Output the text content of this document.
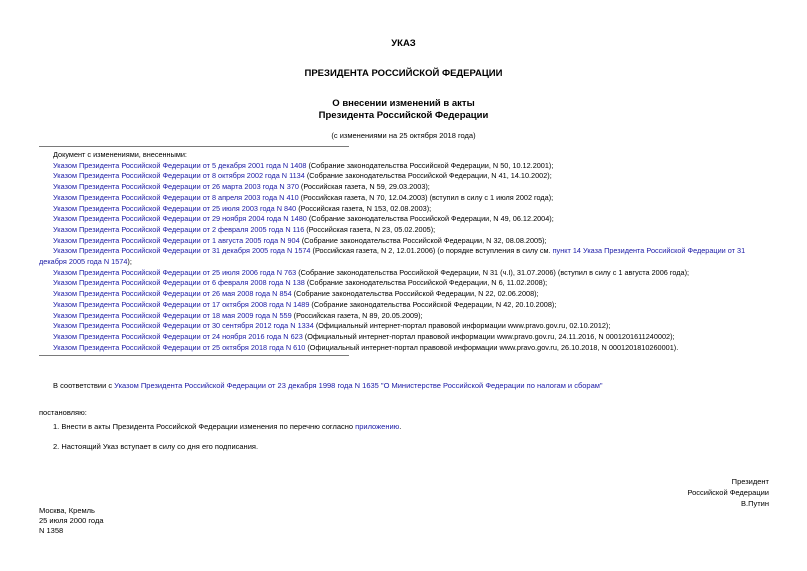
УКАЗ
ПРЕЗИДЕНТА РОССИЙСКОЙ ФЕДЕРАЦИИ
О внесении изменений в акты
Президента Российской Федерации
(с изменениями на 25 октября 2018 года)
Документ с изменениями, внесенными:
Указом Президента Российской Федерации от 5 декабря 2001 года N 1408 (Собрание законодательства Российской Федерации, N 50, 10.12.2001);
Указом Президента Российской Федерации от 8 октября 2002 года N 1134 (Собрание законодательства Российской Федерации, N 41, 14.10.2002);
Указом Президента Российской Федерации от 26 марта 2003 года N 370 (Российская газета, N 59, 29.03.2003);
Указом Президента Российской Федерации от 8 апреля 2003 года N 410 (Российская газета, N 70, 12.04.2003) (вступил в силу с 1 июля 2002 года);
Указом Президента Российской Федерации от 25 июля 2003 года N 840 (Российская газета, N 153, 02.08.2003);
Указом Президента Российской Федерации от 29 ноября 2004 года N 1480 (Собрание законодательства Российской Федерации, N 49, 06.12.2004);
Указом Президента Российской Федерации от 2 февраля 2005 года N 116 (Российская газета, N 23, 05.02.2005);
Указом Президента Российской Федерации от 1 августа 2005 года N 904 (Собрание законодательства Российской Федерации, N 32, 08.08.2005);
Указом Президента Российской Федерации от 31 декабря 2005 года N 1574 (Российская газета, N 2, 12.01.2006) (о порядке вступления в силу см. пункт 14 Указа Президента Российской Федерации от 31 декабря 2005 года N 1574);
Указом Президента Российской Федерации от 25 июля 2006 года N 763 (Собрание законодательства Российской Федерации, N 31 (ч.I), 31.07.2006) (вступил в силу с 1 августа 2006 года);
Указом Президента Российской Федерации от 6 февраля 2008 года N 138 (Собрание законодательства Российской Федерации, N 6, 11.02.2008);
Указом Президента Российской Федерации от 26 мая 2008 года N 854 (Собрание законодательства Российской Федерации, N 22, 02.06.2008);
Указом Президента Российской Федерации от 17 октября 2008 года N 1489 (Собрание законодательства Российской Федерации, N 42, 20.10.2008);
Указом Президента Российской Федерации от 18 мая 2009 года N 559 (Российская газета, N 89, 20.05.2009);
Указом Президента Российской Федерации от 30 сентября 2012 года N 1334 (Официальный интернет-портал правовой информации www.pravo.gov.ru, 02.10.2012);
Указом Президента Российской Федерации от 24 ноября 2016 года N 623 (Официальный интернет-портал правовой информации www.pravo.gov.ru, 24.11.2016, N 0001201611240002);
Указом Президента Российской Федерации от 25 октября 2018 года N 610 (Официальный интернет-портал правовой информации www.pravo.gov.ru, 26.10.2018, N 0001201810260001).
В соответствии с Указом Президента Российской Федерации от 23 декабря 1998 года N 1635 "О Министерстве Российской Федерации по налогам и сборам"
постановляю:
1. Внести в акты Президента Российской Федерации изменения по перечню согласно приложению.
2. Настоящий Указ вступает в силу со дня его подписания.
Президент
Российской Федерации
В.Путин
Москва, Кремль
25 июля 2000 года
N 1358
